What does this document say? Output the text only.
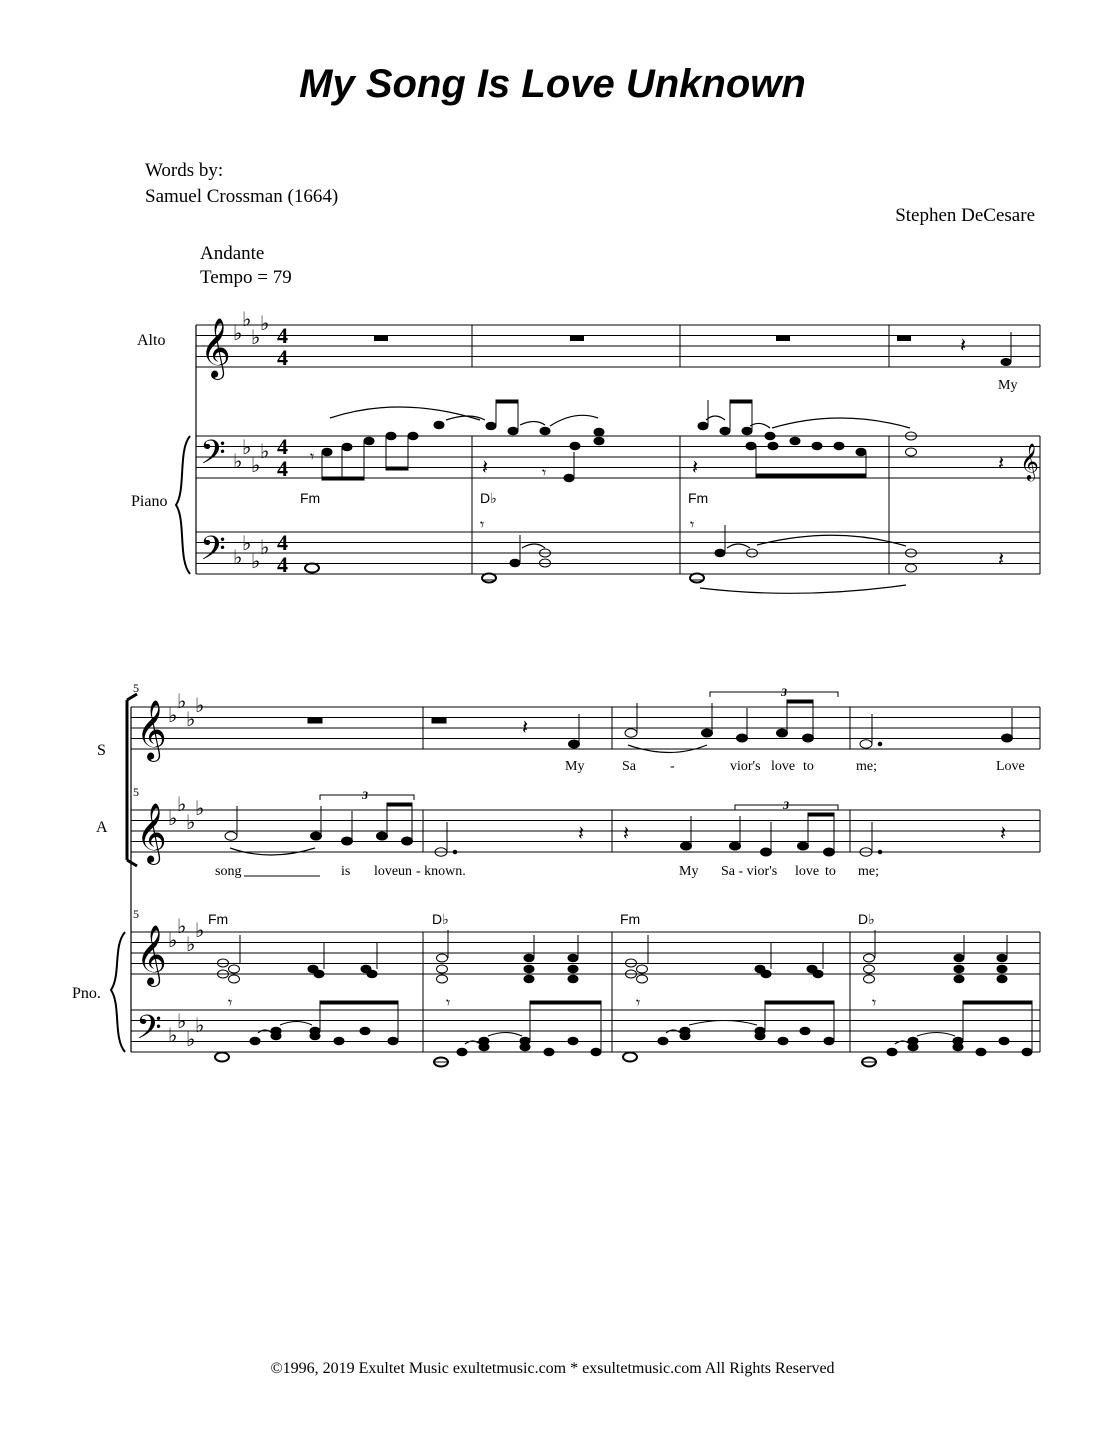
My Song Is Love Unknown
Words by:
Samuel Crossman (1664)
Stephen DeCesare
Andante
Tempo = 79
𝄞
𝄢
𝄢
♭
♭
♭
♭
♭
♭
♭
♭
♭
♭
♭
♭
4
4
4
4
4
4
𝄽
My
𝄾	𝄽	𝄾	𝄽	𝄽 𝄞
Fm	D♭	Fm
𝄾	𝄾
𝄽
5
5
5
𝄞
𝄞
𝄞
𝄢
♭
♭
♭
♭
♭
♭
♭
♭
♭
♭
♭
♭
♭
♭
♭
♭
𝄽
3
My	Sa -	vior's love to	me;	Love
𝄽 𝄽	𝄽
3
3
song	is love un - known.	My Sa - vior's love to me;
Fm	D♭	Fm	D♭
𝄾	𝄾	𝄾	𝄾
Alto
Piano
S
A
Pno.
©1996, 2019 Exultet Music exultetmusic.com * exsultetmusic.com All Rights Reserved
